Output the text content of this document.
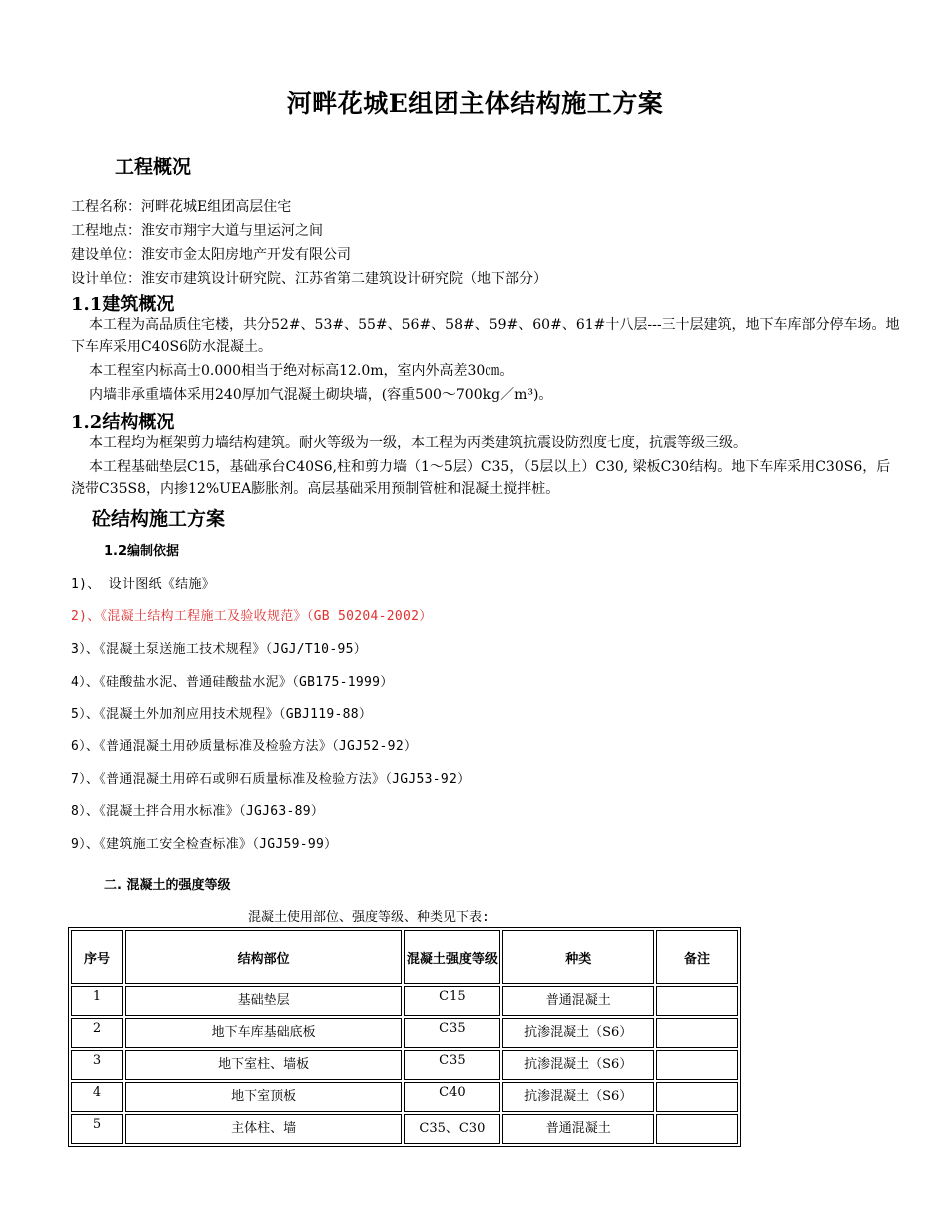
河畔花城E组团主体结构施工方案
工程概况
工程名称：河畔花城E组团高层住宅
工程地点：淮安市翔宇大道与里运河之间
建设单位：淮安市金太阳房地产开发有限公司
设计单位：淮安市建筑设计研究院、江苏省第二建筑设计研究院（地下部分）
1.1建筑概况
本工程为高品质住宅楼，共分52#、53#、55#、56#、58#、59#、60#、61#十八层---三十层建筑，地下车库部分停车场。地下车库采用C40S6防水混凝土。
本工程室内标高士0.000相当于绝对标高12.0m，室内外高差30㎝。
内墙非承重墙体采用240厚加气混凝土砌块墙，(容重500～700kg／m³)。
1.2结构概况
本工程均为框架剪力墙结构建筑。耐火等级为一级，本工程为丙类建筑抗震设防烈度七度，抗震等级三级。
本工程基础垫层C15，基础承台C40S6,柱和剪力墙（1～5层）C35，（5层以上）C30, 梁板C30结构。地下车库采用C30S6，后浇带C35S8，内掺12%UEA膨胀剂。高层基础采用预制管桩和混凝土搅拌桩。
砼结构施工方案
1.2编制依据
1)、 设计图纸《结施》
2)、《混凝土结构工程施工及验收规范》（GB 50204-2002）
3）、《混凝土泵送施工技术规程》（JGJ/T10-95）
4）、《硅酸盐水泥、普通硅酸盐水泥》（GB175-1999）
5）、《混凝土外加剂应用技术规程》（GBJ119-88）
6）、《普通混凝土用砂质量标准及检验方法》（JGJ52-92）
7）、《普通混凝土用碎石或卵石质量标准及检验方法》（JGJ53-92）
8）、《混凝土拌合用水标准》（JGJ63-89）
9）、《建筑施工安全检查标准》（JGJ59-99）
二. 混凝土的强度等级
混凝土使用部位、强度等级、种类见下表:
序号	结构部位	混凝土强度等级	种类	备注
1	基础垫层	C15	普通混凝土	
2	地下车库基础底板	C35	抗渗混凝土（S6）	
3	地下室柱、墙板	C35	抗渗混凝土（S6）	
4	地下室顶板	C40	抗渗混凝土（S6）	
5	主体柱、墙	C35、C30	普通混凝土	
